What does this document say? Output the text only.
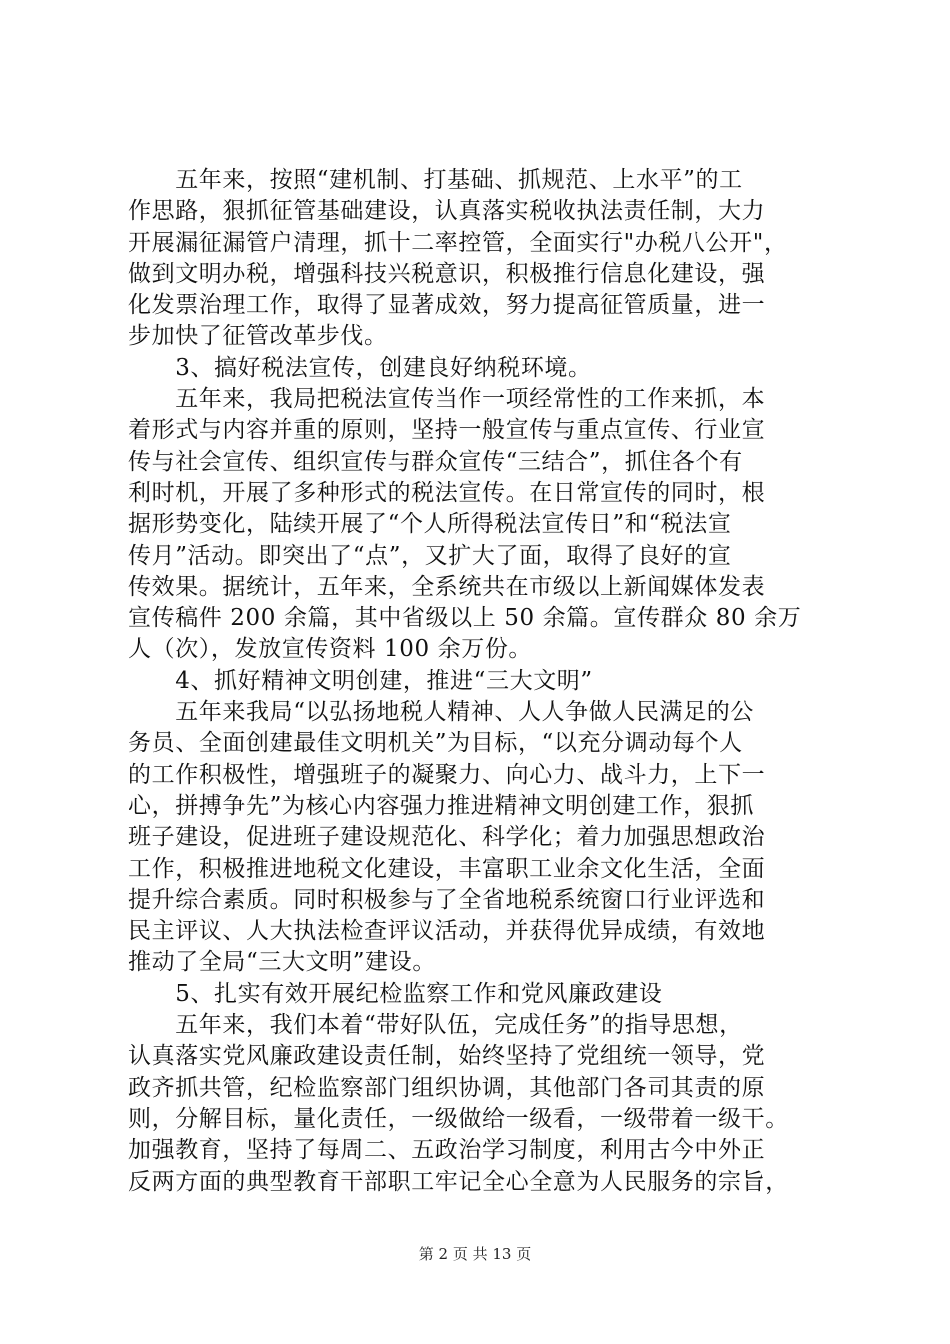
　　五年来，按照“建机制、打基础、抓规范、上水平”的工
作思路，狠抓征管基础建设，认真落实税收执法责任制，大力
开展漏征漏管户清理，抓十二率控管，全面实行"办税八公开"，
做到文明办税，增强科技兴税意识，积极推行信息化建设，强
化发票治理工作，取得了显著成效，努力提高征管质量，进一
步加快了征管改革步伐。
　　3、搞好税法宣传，创建良好纳税环境。
　　五年来，我局把税法宣传当作一项经常性的工作来抓，本
着形式与内容并重的原则，坚持一般宣传与重点宣传、行业宣
传与社会宣传、组织宣传与群众宣传“三结合”，抓住各个有
利时机，开展了多种形式的税法宣传。在日常宣传的同时，根
据形势变化，陆续开展了“个人所得税法宣传日”和“税法宣
传月”活动。即突出了“点”，又扩大了面，取得了良好的宣
传效果。据统计，五年来，全系统共在市级以上新闻媒体发表
宣传稿件 200 余篇，其中省级以上 50 余篇。宣传群众 80 余万
人（次），发放宣传资料 100 余万份。
　　4、抓好精神文明创建，推进“三大文明”
　　五年来我局“以弘扬地税人精神、人人争做人民满足的公
务员、全面创建最佳文明机关”为目标，“以充分调动每个人
的工作积极性，增强班子的凝聚力、向心力、战斗力，上下一
心，拼搏争先”为核心内容强力推进精神文明创建工作，狠抓
班子建设，促进班子建设规范化、科学化；着力加强思想政治
工作，积极推进地税文化建设，丰富职工业余文化生活，全面
提升综合素质。同时积极参与了全省地税系统窗口行业评选和
民主评议、人大执法检查评议活动，并获得优异成绩，有效地
推动了全局“三大文明”建设。
　　5、扎实有效开展纪检监察工作和党风廉政建设
　　五年来，我们本着“带好队伍，完成任务”的指导思想，
认真落实党风廉政建设责任制，始终坚持了党组统一领导，党
政齐抓共管，纪检监察部门组织协调，其他部门各司其责的原
则，分解目标，量化责任，一级做给一级看，一级带着一级干。
加强教育，坚持了每周二、五政治学习制度，利用古今中外正
反两方面的典型教育干部职工牢记全心全意为人民服务的宗旨，
第 2 页 共 13 页
